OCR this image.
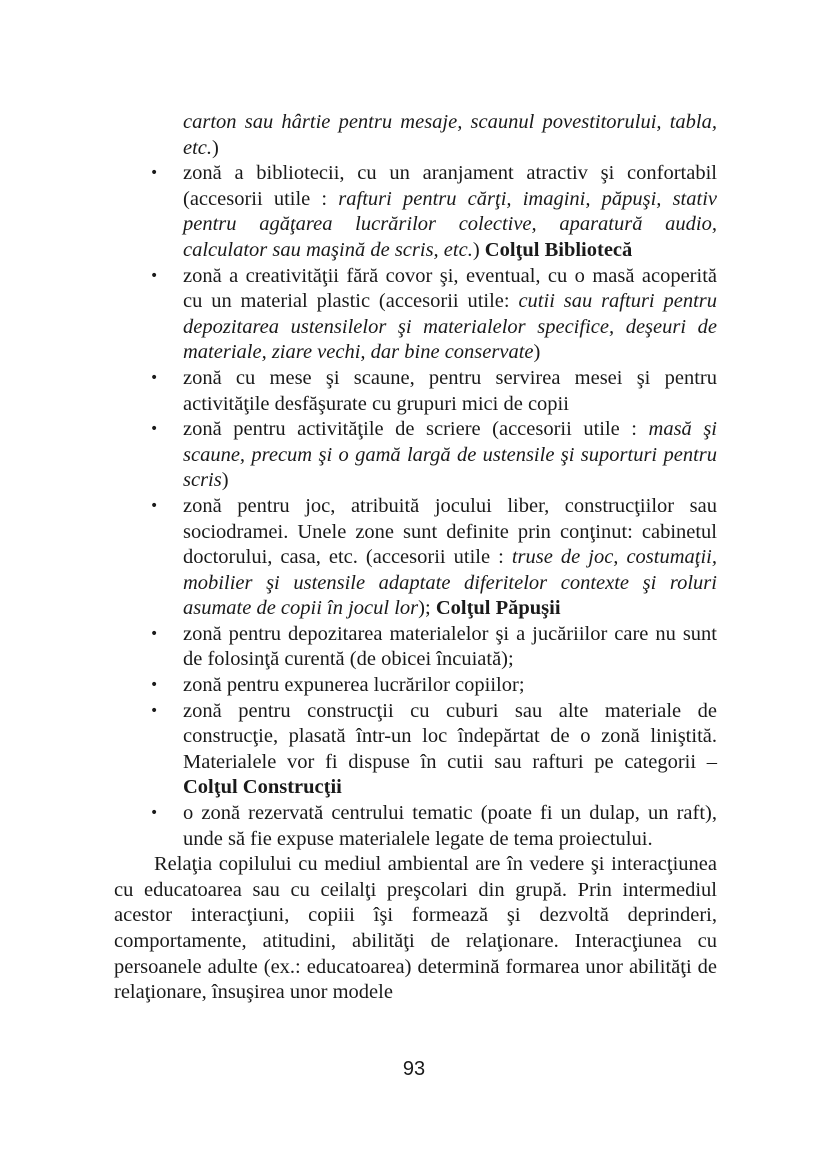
carton sau hârtie pentru mesaje, scaunul povestitorului, tabla, etc.)
• zonă a bibliotecii, cu un aranjament atractiv şi confortabil (accesorii utile : rafturi pentru cărţi, imagini, păpuşi, stativ pentru agăţarea lucrărilor colective, aparatură audio, calculator sau maşină de scris, etc.) Colţul Bibliotecă
• zonă a creativităţii fără covor şi, eventual, cu o masă acoperită cu un material plastic (accesorii utile: cutii sau rafturi pentru depozitarea ustensilelor şi materialelor specifice, deşeuri de materiale, ziare vechi, dar bine conservate)
• zonă cu mese şi scaune, pentru servirea mesei şi pentru activităţile desfăşurate cu grupuri mici de copii
• zonă pentru activităţile de scriere (accesorii utile : masă şi scaune, precum şi o gamă largă de ustensile şi suporturi pentru scris)
• zonă pentru joc, atribuită jocului liber, construcţiilor sau sociodramei. Unele zone sunt definite prin conţinut: cabinetul doctorului, casa, etc. (accesorii utile : truse de joc, costumaţii, mobilier şi ustensile adaptate diferitelor contexte şi roluri asumate de copii în jocul lor); Colţul Păpuşii
• zonă pentru depozitarea materialelor şi a jucăriilor care nu sunt de folosinţă curentă (de obicei încuiată);
• zonă pentru expunerea lucrărilor copiilor;
• zonă pentru construcţii cu cuburi sau alte materiale de construcţie, plasată într-un loc îndepărtat de o zonă liniştită. Materialele vor fi dispuse în cutii sau rafturi pe categorii – Colţul Construcţii
• o zonă rezervată centrului tematic (poate fi un dulap, un raft), unde să fie expuse materialele legate de tema proiectului.

Relaţia copilului cu mediul ambiental are în vedere şi interacţiunea cu educatoarea sau cu ceilalţi preşcolari din grupă. Prin intermediul acestor interacţiuni, copiii îşi formează şi dezvoltă deprinderi, comportamente, atitudini, abilităţi de relaţionare. Interacţiunea cu persoanele adulte (ex.: educatoarea) determină formarea unor abilităţi de relaţionare, însuşirea unor modele

93
